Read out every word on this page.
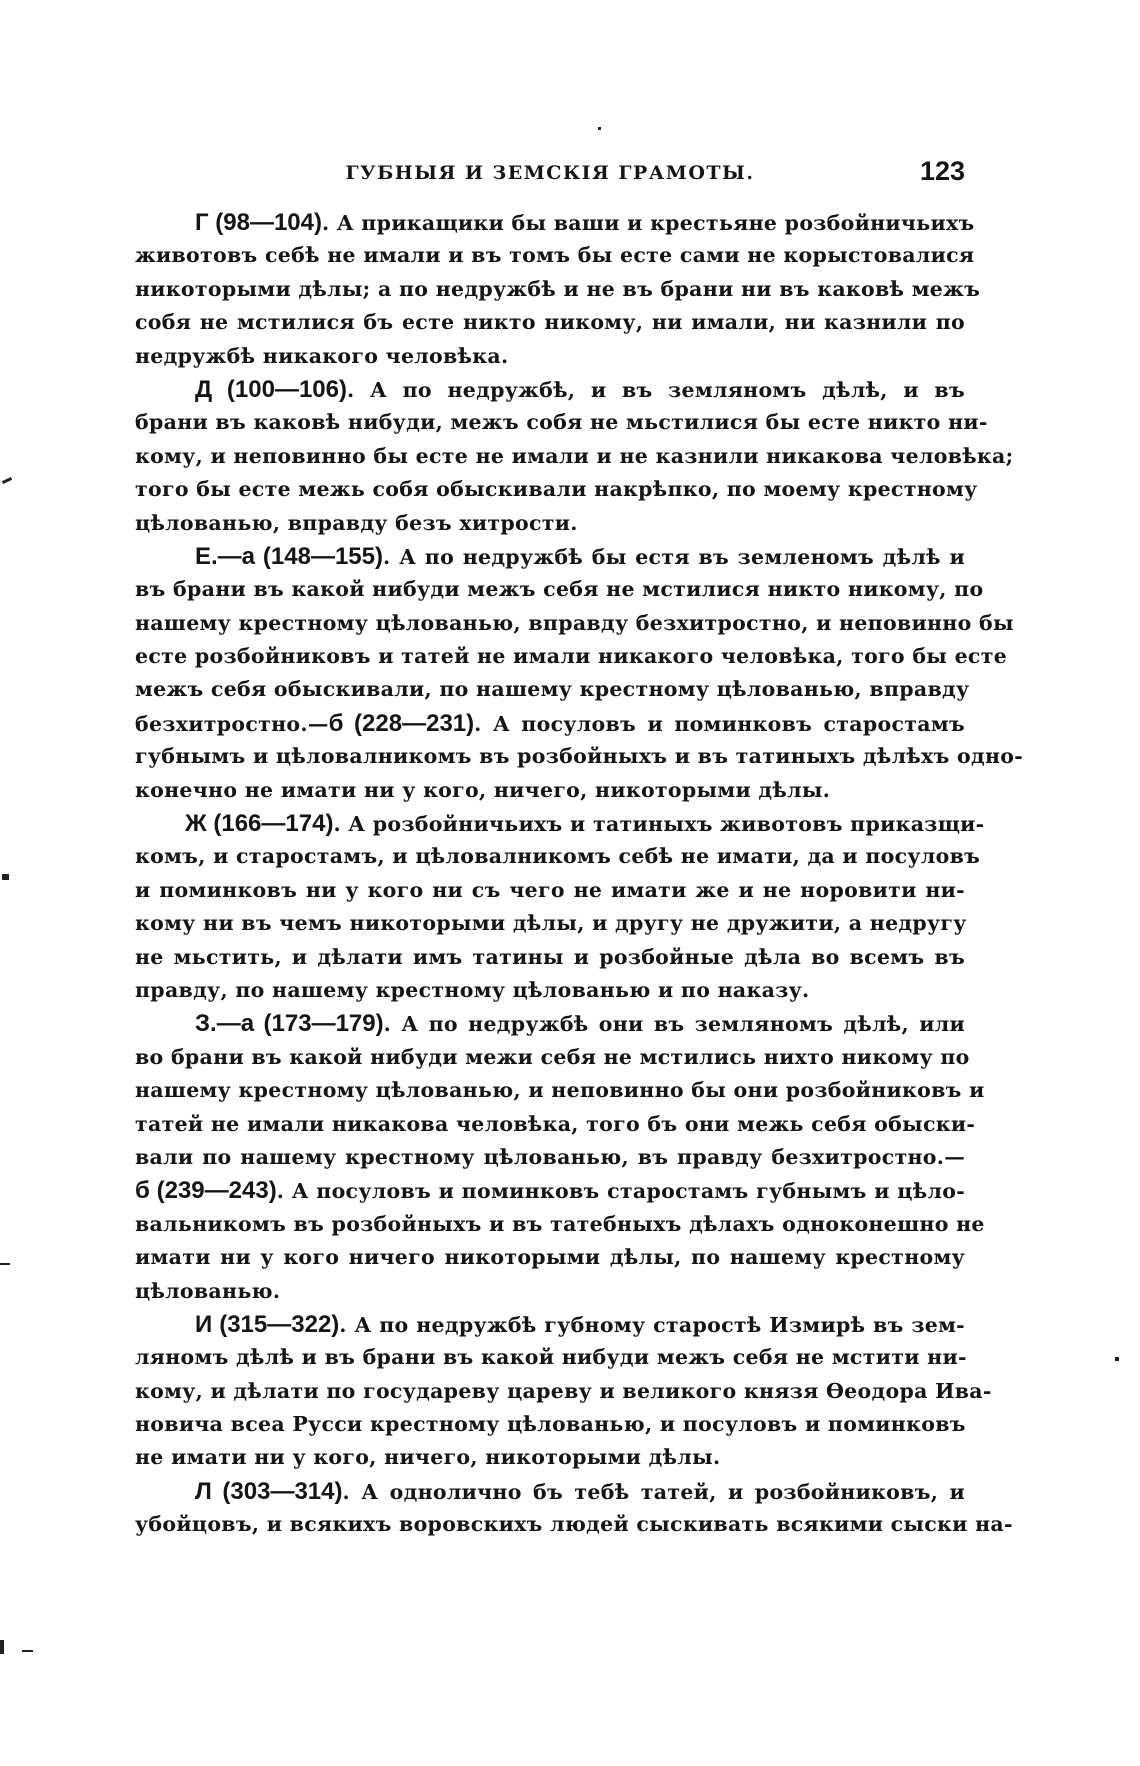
ГУБНЫЯ И ЗЕМСКІЯ ГРАМОТЫ.	123
Г (98—104). А прикащики бы ваши и крестьяне розбойничьихъ
животовъ себѣ не имали и въ томъ бы есте сами не корыстовалися
никоторыми дѣлы; а по недружбѣ и не въ брани ни въ каковѣ межъ
собя не мстилися бъ есте никто никому, ни имали, ни казнили по
недружбѣ никакого человѣка.
Д (100—106). А по недружбѣ, и въ земляномъ дѣлѣ, и въ
брани въ каковѣ нибуди, межъ собя не мьстилися бы есте никто ни-
кому, и неповинно бы есте не имали и не казнили никакова человѣка;
того бы есте межь собя обыскивали накрѣпко, по моему крестному
цѣлованью, вправду безъ хитрости.
Е.—а (148—155). А по недружбѣ бы естя въ земленомъ дѣлѣ и
въ брани въ какой нибуди межъ себя не мстилися никто никому, по
нашему крестному цѣлованью, вправду безхитростно, и неповинно бы
есте розбойниковъ и татей не имали никакого человѣка, того бы есте
межъ себя обыскивали, по нашему крестному цѣлованью, вправду
безхитростно.—б (228—231). А посуловъ и поминковъ старостамъ
губнымъ и цѣловалникомъ въ розбойныхъ и въ татиныхъ дѣлѣхъ одно-
конечно не имати ни у кого, ничего, никоторыми дѣлы.
Ж (166—174). А розбойничьихъ и татиныхъ животовъ приказщи-
комъ, и старостамъ, и цѣловалникомъ себѣ не имати, да и посуловъ
и поминковъ ни у кого ни съ чего не имати же и не норовити ни-
кому ни въ чемъ никоторыми дѣлы, и другу не дружити, а недругу
не мьстить, и дѣлати имъ татины и розбойные дѣла во всемъ въ
правду, по нашему крестному цѣлованью и по наказу.
З.—а (173—179). А по недружбѣ они въ земляномъ дѣлѣ, или
во брани въ какой нибуди межи себя не мстились нихто никому по
нашему крестному цѣлованью, и неповинно бы они розбойниковъ и
татей не имали никакова человѣка, того бъ они межь себя обыски-
вали по нашему крестному цѣлованью, въ правду безхитростно.—
б (239—243). А посуловъ и поминковъ старостамъ губнымъ и цѣло-
вальникомъ въ розбойныхъ и въ татебныхъ дѣлахъ одноконешно не
имати ни у кого ничего никоторыми дѣлы, по нашему крестному
цѣлованью.
И (315—322). А по недружбѣ губному старостѣ Измирѣ въ зем-
ляномъ дѣлѣ и въ брани въ какой нибуди межъ себя не мстити ни-
кому, и дѣлати по государеву цареву и великого князя Ѳеодора Ива-
новича всеа Русси крестному цѣлованью, и посуловъ и поминковъ
не имати ни у кого, ничего, никоторыми дѣлы.
Л (303—314). А однолично бъ тебѣ татей, и розбойниковъ, и
убойцовъ, и всякихъ воровскихъ людей сыскивать всякими сыски на-
